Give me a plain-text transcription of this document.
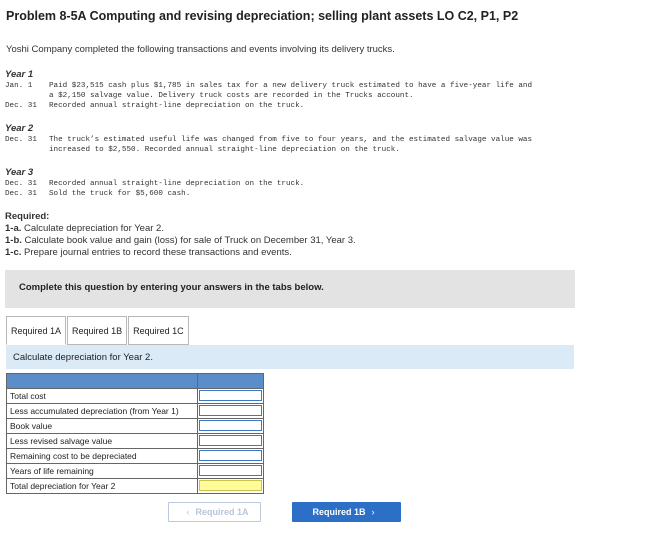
Problem 8-5A Computing and revising depreciation; selling plant assets LO C2, P1, P2
Yoshi Company completed the following transactions and events involving its delivery trucks.
Year 1
Jan. 1	Paid $23,515 cash plus $1,785 in sales tax for a new delivery truck estimated to have a five-year life and
a $2,150 salvage value. Delivery truck costs are recorded in the Trucks account.
Dec. 31	Recorded annual straight-line depreciation on the truck.
Year 2
Dec. 31	The truck’s estimated useful life was changed from five to four years, and the estimated salvage value was
increased to $2,550. Recorded annual straight-line depreciation on the truck.
Year 3
Dec. 31	Recorded annual straight-line depreciation on the truck.
Dec. 31	Sold the truck for $5,600 cash.
Required:
1-a. Calculate depreciation for Year 2.
1-b. Calculate book value and gain (loss) for sale of Truck on December 31, Year 3.
1-c. Prepare journal entries to record these transactions and events.
Complete this question by entering your answers in the tabs below.
Required 1A	Required 1B	Required 1C
Calculate depreciation for Year 2.

Total cost	
Less accumulated depreciation (from Year 1)	
Book value	
Less revised salvage value	
Remaining cost to be depreciated	
Years of life remaining	
Total depreciation for Year 2	
‹ Required 1A	Required 1B ›
